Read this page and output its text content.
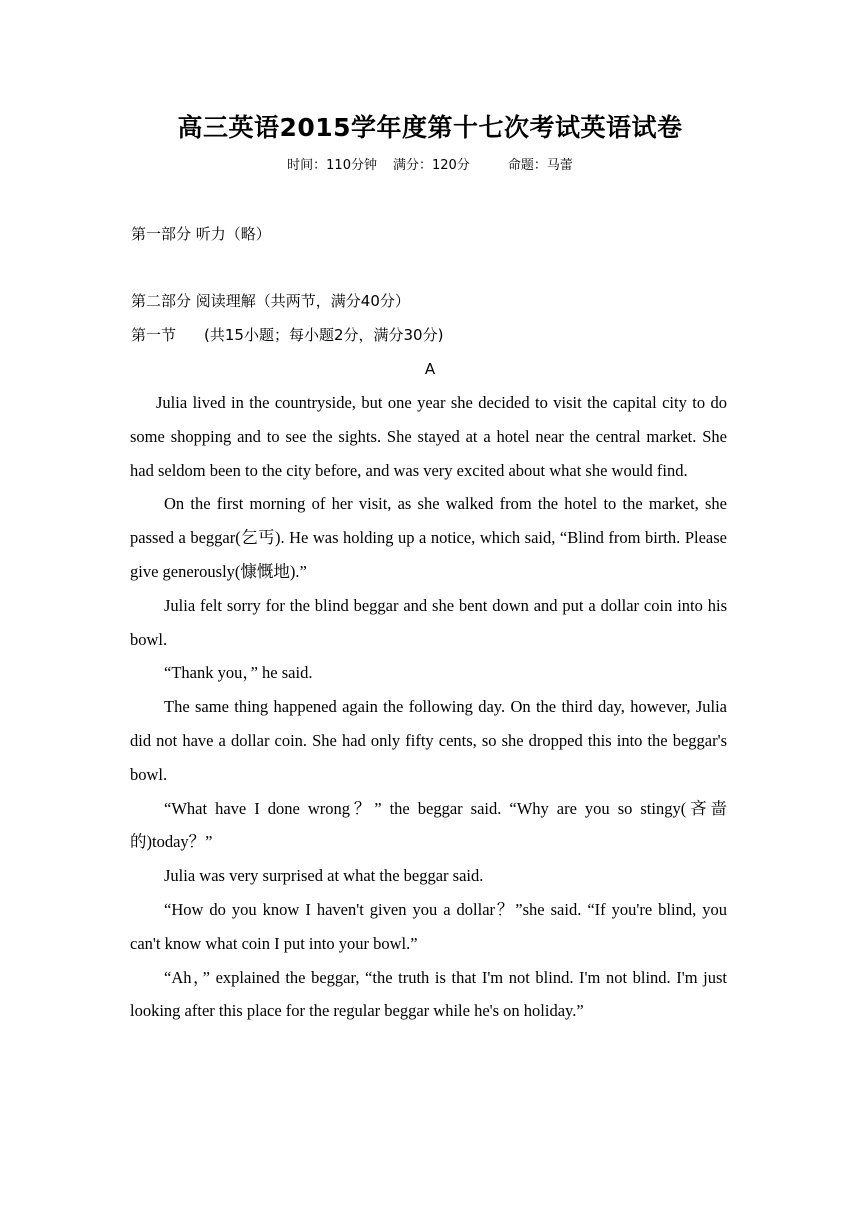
高三英语2015学年度第十七次考试英语试卷
时间：110分钟 满分：120分	命题：马蕾

第一部分 听力（略）

第二部分 阅读理解（共两节，满分40分）

第一节 (共15小题；每小题2分，满分30分)

A

Julia lived in the countryside, but one year she decided to visit the capital city to do some shopping and to see the sights. She stayed at a hotel near the central market. She had seldom been to the city before, and was very excited about what she would find.

On the first morning of her visit, as she walked from the hotel to the market, she passed a beggar(乞丐). He was holding up a notice, which said, “Blind from birth. Please give generously(慷慨地).”

Julia felt sorry for the blind beggar and she bent down and put a dollar coin into his bowl.

“Thank you，” he said.

The same thing happened again the following day. On the third day, however, Julia did not have a dollar coin. She had only fifty cents, so she dropped this into the beggar's bowl.

“What have I done wrong？” the beggar said. “Why are you so stingy(吝啬的)today？”

Julia was very surprised at what the beggar said.

“How do you know I haven't given you a dollar？”she said. “If you're blind, you can't know what coin I put into your bowl.”

“Ah，” explained the beggar, “the truth is that I'm not blind. I'm not blind. I'm just looking after this place for the regular beggar while he's on holiday.”
